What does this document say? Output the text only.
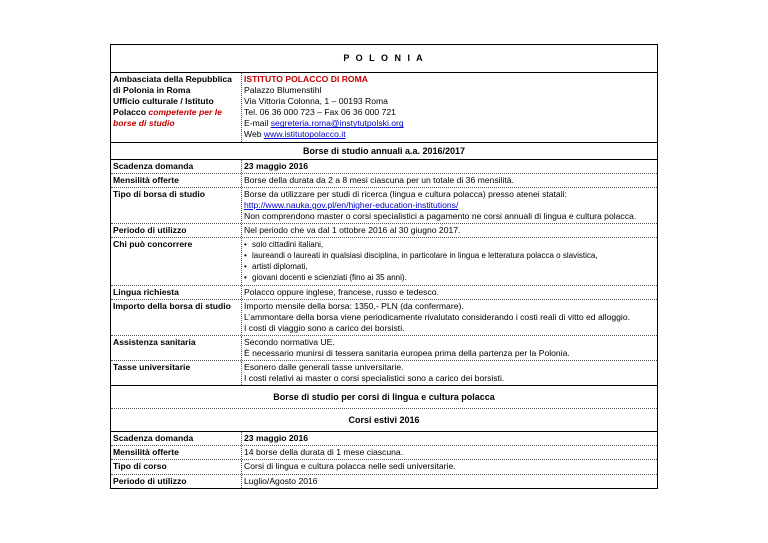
P O L O N I A
Ambasciata della Repubblica
di Polonia in Roma
Ufficio culturale / Istituto
Polacco competente per le
borse di studio
ISTITUTO POLACCO DI ROMA
Palazzo Blumenstihl
Via Vittoria Colonna, 1 – 00193 Roma
Tel. 06 36 000 723 – Fax 06 36 000 721
E-mail segreteria.roma@instytutpolski.org
Web www.istitutopolacco.it
Borse di studio annuali a.a. 2016/2017
Scadenza domanda	23 maggio 2016
Mensilità offerte	Borse della durata da 2 a 8 mesi ciascuna per un totale di 36 mensilità.
Tipo di borsa di studio	Borse da utilizzare per studi di ricerca (lingua e cultura polacca) presso atenei statali:
http://www.nauka.gov.pl/en/higher-education-institutions/
Non comprendono master o corsi specialistici a pagamento ne corsi annuali di lingua e cultura polacca.
Periodo di utilizzo	Nel periodo che va dal 1 ottobre 2016 al 30 giugno 2017.
Chi può concorrere
•	solo cittadini italiani,
• laureandi o laureati in qualsiasi disciplina, in particolare in lingua e letteratura polacca o slavistica,
• artisti diplomati,
• giovani docenti e scienziati (fino ai 35 anni).
Lingua richiesta	Polacco oppure inglese, francese, russo e tedesco.
Importo della borsa di studio	Importo mensile della borsa: 1350,- PLN (da confermare).
L’ammontare della borsa viene periodicamente rivalutato considerando i costi reali di vitto ed alloggio.
I costi di viaggio sono a carico dei borsisti.
Assistenza sanitaria	Secondo normativa UE.
È necessario munirsi di tessera sanitaria europea prima della partenza per la Polonia.
Tasse universitarie	Esonero dalle generali tasse universitarie.
I costi relativi ai master o corsi specialistici sono a carico dei borsisti.
Borse di studio per corsi di lingua e cultura polacca
Corsi estivi 2016
Scadenza domanda	23 maggio 2016
Mensilità offerte	14 borse della durata di 1 mese ciascuna.
Tipo di corso	Corsi di lingua e cultura polacca nelle sedi universitarie.
Periodo di utilizzo	Luglio/Agosto 2016
